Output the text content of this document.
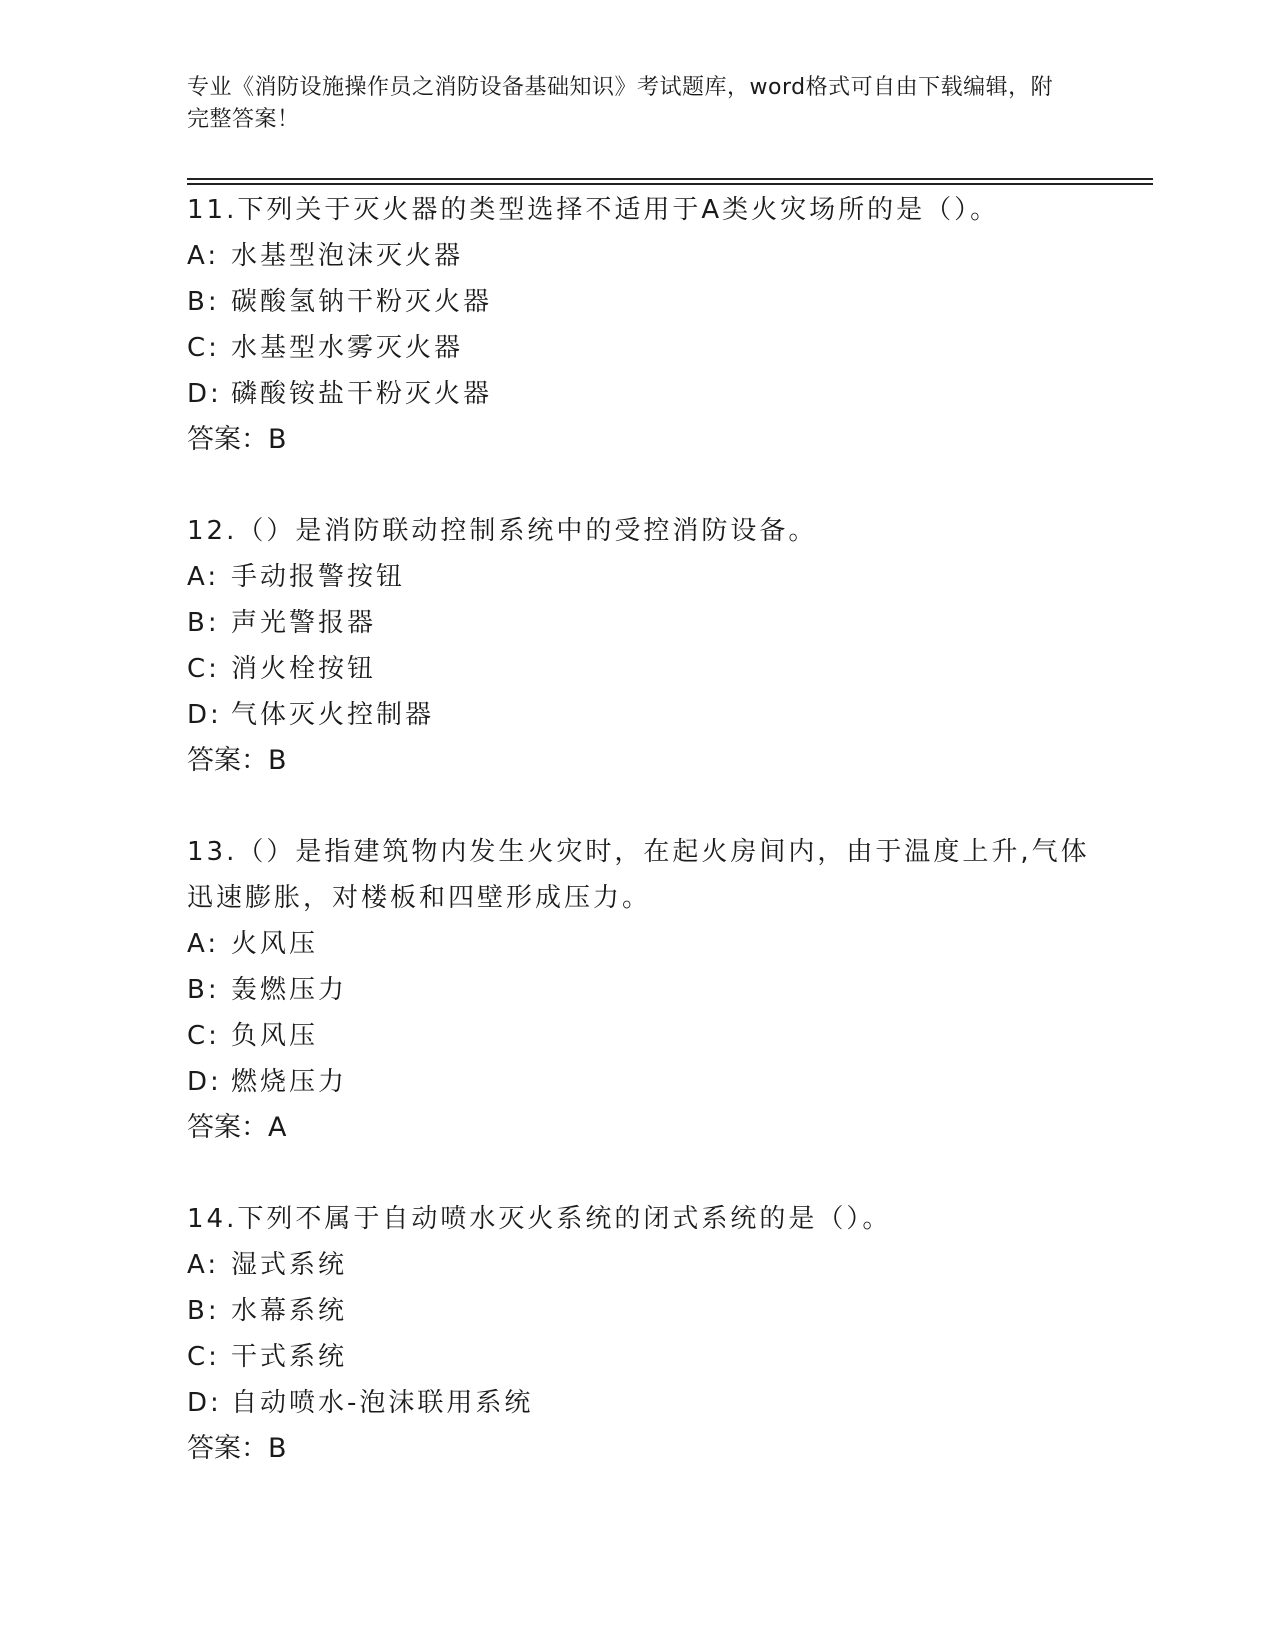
专业《消防设施操作员之消防设备基础知识》考试题库，word格式可自由下载编辑，附完整答案！
11.下列关于灭火器的类型选择不适用于A类火灾场所的是（）。
A: 水基型泡沫灭火器
B: 碳酸氢钠干粉灭火器
C: 水基型水雾灭火器
D: 磷酸铵盐干粉灭火器
答案：B
12.（）是消防联动控制系统中的受控消防设备。
A: 手动报警按钮
B: 声光警报器
C: 消火栓按钮
D: 气体灭火控制器
答案：B
13.（）是指建筑物内发生火灾时，在起火房间内，由于温度上升,气体迅速膨胀，对楼板和四壁形成压力。
A: 火风压
B: 轰燃压力
C: 负风压
D: 燃烧压力
答案：A
14.下列不属于自动喷水灭火系统的闭式系统的是（）。
A: 湿式系统
B: 水幕系统
C: 干式系统
D: 自动喷水-泡沫联用系统
答案：B
